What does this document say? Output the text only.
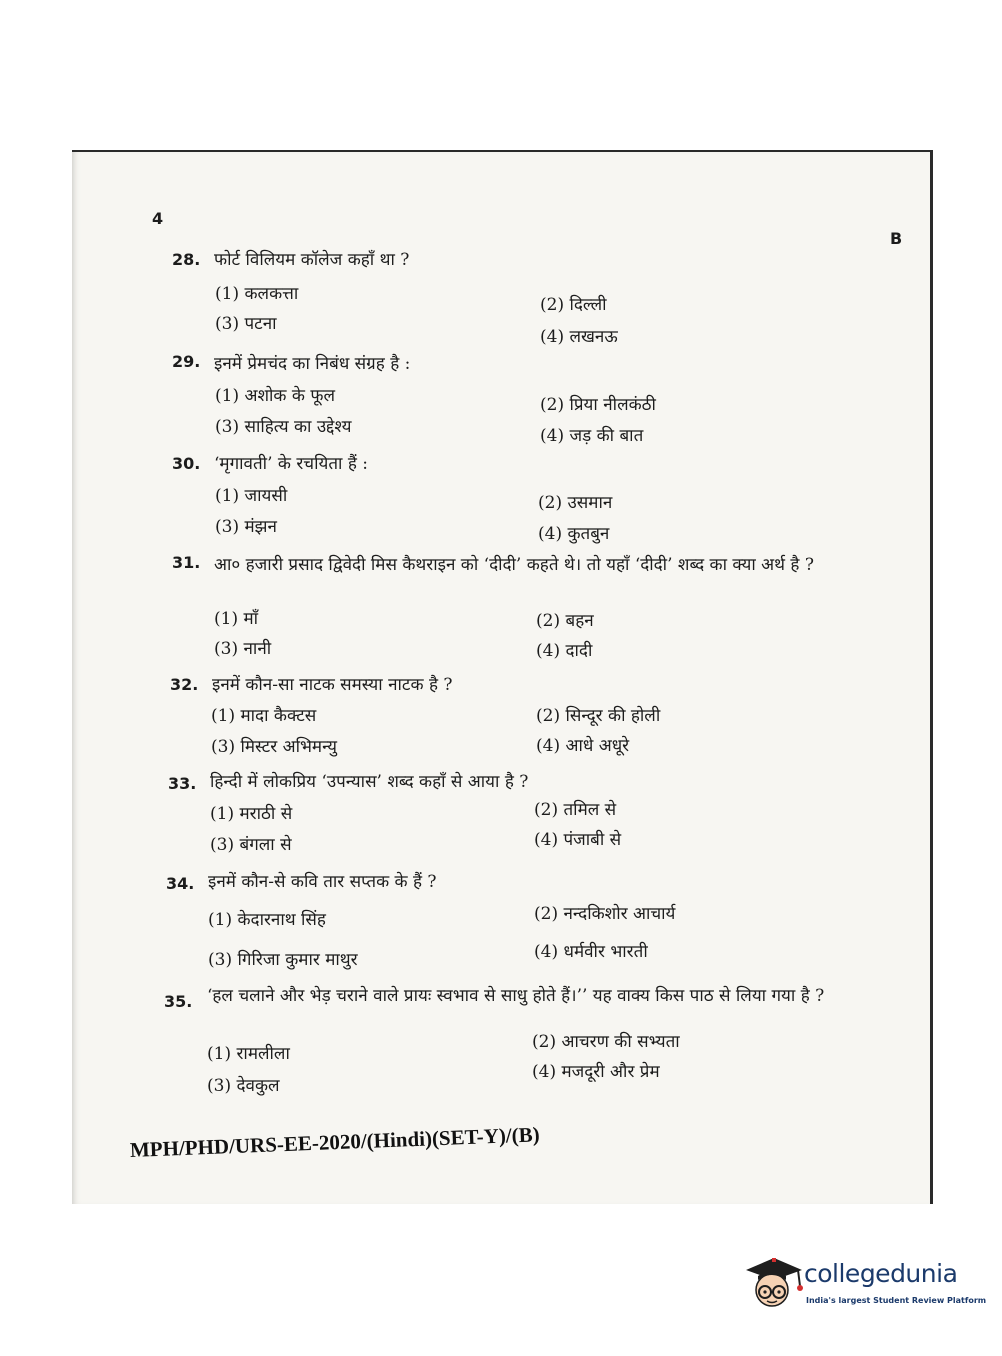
4
B
28. फोर्ट विलियम कॉलेज कहाँ था ?
(1) कलकत्ता
(2) दिल्ली
(3) पटना
(4) लखनऊ
29. इनमें प्रेमचंद का निबंध संग्रह है :
(1) अशोक के फूल	(2) प्रिया नीलकंठी
(3) साहित्य का उद्देश्य	(4) जड़ की बात
30. ‘मृगावती’ के रचयिता हैं :
(1) जायसी	(2) उसमान
(3) मंझन	(4) कुतबुन
31. आ० हजारी प्रसाद द्विवेदी मिस कैथराइन को ‘दीदी’ कहते थे। तो यहाँ ‘दीदी’ शब्द का क्या अर्थ है ?
(1) माँ	(2) बहन
(3) नानी	(4) दादी
32. इनमें कौन-सा नाटक समस्या नाटक है ?
(1) मादा कैक्टस	(2) सिन्दूर की होली
(3) मिस्टर अभिमन्यु	(4) आधे अधूरे
33. हिन्दी में लोकप्रिय ‘उपन्यास’ शब्द कहाँ से आया है ?
(1) मराठी से	(2) तमिल से
(3) बंगला से	(4) पंजाबी से
34. इनमें कौन-से कवि तार सप्तक के हैं ?
(1) केदारनाथ सिंह	(2) नन्दकिशोर आचार्य
(3) गिरिजा कुमार माथुर	(4) धर्मवीर भारती
35. ‘हल चलाने और भेड़ चराने वाले प्रायः स्वभाव से साधु होते हैं।’’ यह वाक्य किस पाठ से लिया गया है ?
(1) रामलीला
(2) आचरण की सभ्यता
(3) देवकुल
(4) मजदूरी और प्रेम
MPH/PHD/URS-EE-2020/(Hindi)(SET-Y)/(B)
collegedunia
India's largest Student Review Platform
